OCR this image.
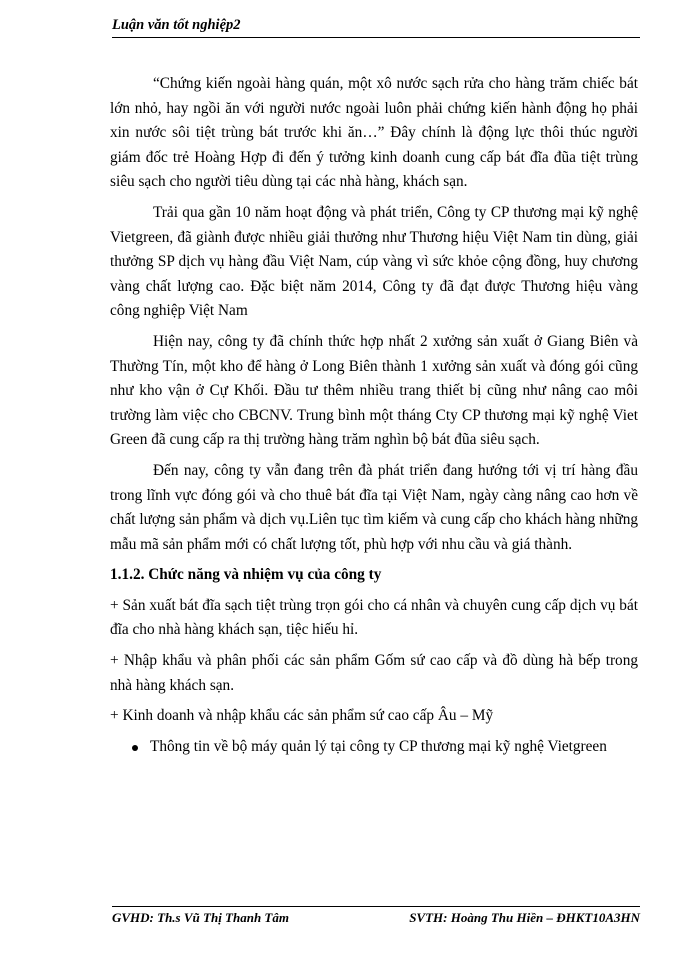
Luận văn tốt nghiệp2

“Chứng kiến ngoài hàng quán, một xô nước sạch rửa cho hàng trăm chiếc bát lớn nhỏ, hay ngồi ăn với người nước ngoài luôn phải chứng kiến hành động họ phải xin nước sôi tiệt trùng bát trước khi ăn…” Đây chính là động lực thôi thúc người giám đốc trẻ Hoàng Hợp đi đến ý tưởng kinh doanh cung cấp bát đĩa đũa tiệt trùng siêu sạch cho người tiêu dùng tại các nhà hàng, khách sạn.

Trải qua gần 10 năm hoạt động và phát triển, Công ty CP thương mại kỹ nghệ Vietgreen, đã giành được nhiều giải thưởng như Thương hiệu Việt Nam tin dùng, giải thưởng SP dịch vụ hàng đầu Việt Nam, cúp vàng vì sức khỏe cộng đồng, huy chương vàng chất lượng cao. Đặc biệt năm 2014, Công ty đã đạt được Thương hiệu vàng công nghiệp Việt Nam

Hiện nay, công ty đã chính thức hợp nhất 2 xưởng sản xuất ở Giang Biên và Thường Tín, một kho để hàng ở Long Biên thành 1 xưởng sản xuất và đóng gói cũng như kho vận ở Cự Khối. Đầu tư thêm nhiều trang thiết bị cũng như nâng cao môi trường làm việc cho CBCNV. Trung bình một tháng Cty CP thương mại kỹ nghệ Viet Green đã cung cấp ra thị trường hàng trăm nghìn bộ bát đũa siêu sạch.

Đến nay, công ty vẫn đang trên đà phát triển đang hướng tới vị trí hàng đầu trong lĩnh vực đóng gói và cho thuê bát đĩa tại Việt Nam, ngày càng nâng cao hơn về chất lượng sản phẩm và dịch vụ.Liên tục tìm kiếm và cung cấp cho khách hàng những mẫu mã sản phẩm mới có chất lượng tốt, phù hợp với nhu cầu và giá thành.

1.1.2. Chức năng và nhiệm vụ của công ty

+ Sản xuất bát đĩa sạch tiệt trùng trọn gói cho cá nhân và chuyên cung cấp dịch vụ bát đĩa cho nhà hàng khách sạn, tiệc hiếu hỉ.

+ Nhập khẩu và phân phối các sản phẩm Gốm sứ cao cấp và đồ dùng hà bếp trong nhà hàng khách sạn.

+ Kinh doanh và nhập khẩu các sản phẩm sứ cao cấp Âu – Mỹ

Thông tin về bộ máy quản lý tại công ty CP thương mại kỹ nghệ Vietgreen
GVHD: Th.s Vũ Thị Thanh Tâm	SVTH: Hoàng Thu Hiền – ĐHKT10A3HN
